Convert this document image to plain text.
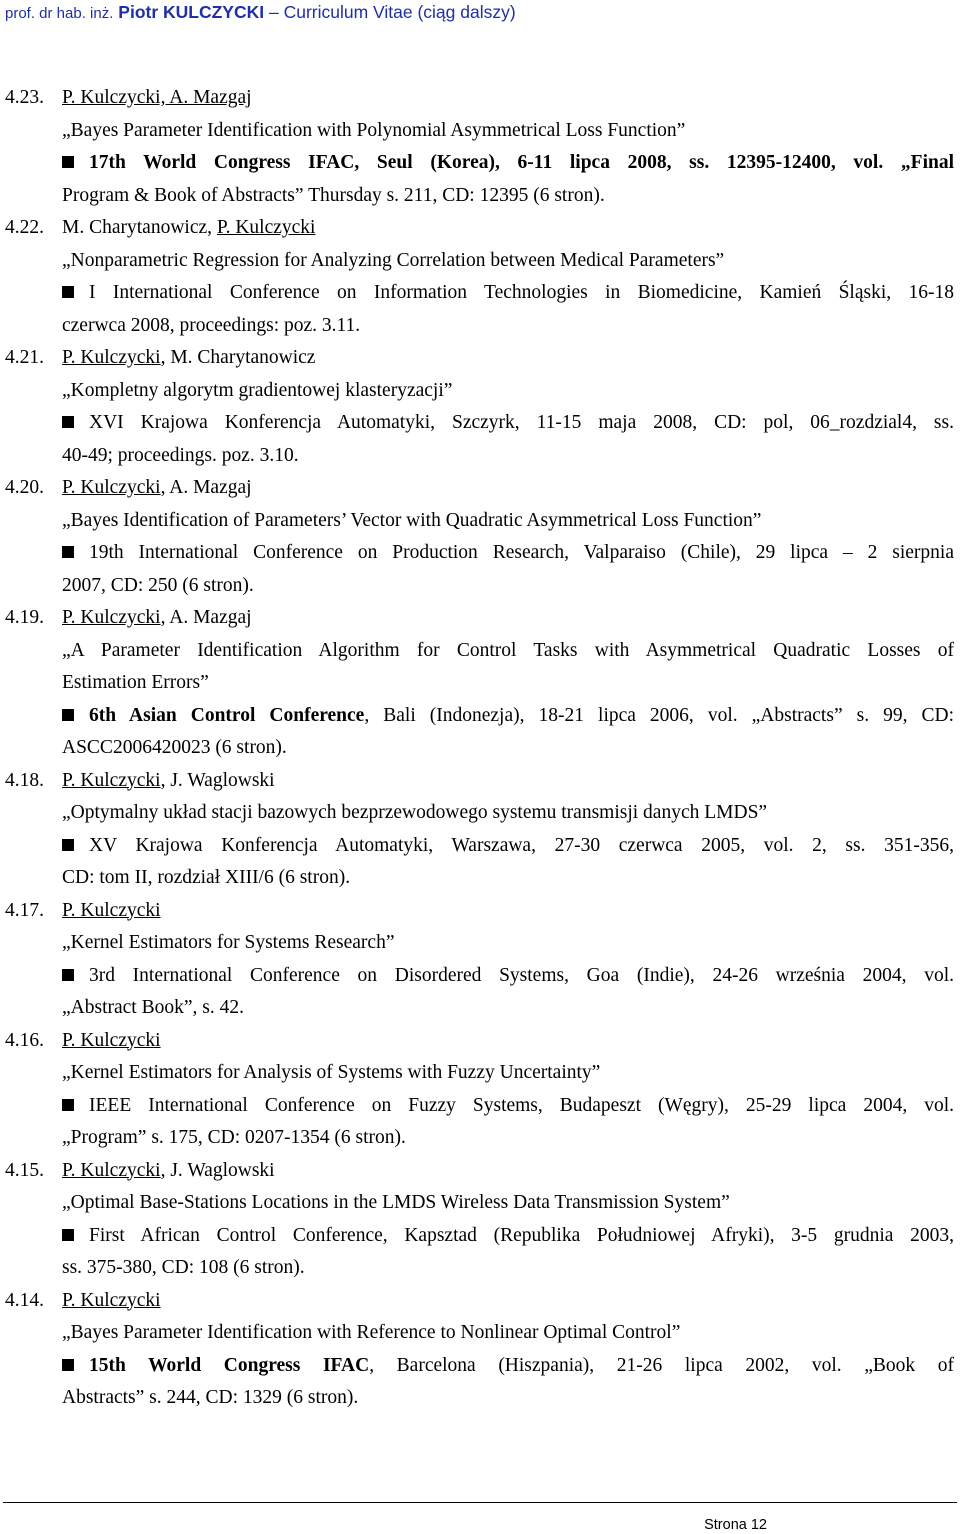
prof. dr hab. inż. Piotr KULCZYCKI – Curriculum Vitae (ciąg dalszy)
4.23. P. Kulczycki, A. Mazgaj
„Bayes Parameter Identification with Polynomial Asymmetrical Loss Function”
17th World Congress IFAC, Seul (Korea), 6-11 lipca 2008, ss. 12395-12400, vol. „Final
Program & Book of Abstracts” Thursday s. 211, CD: 12395 (6 stron).
4.22. M. Charytanowicz, P. Kulczycki
„Nonparametric Regression for Analyzing Correlation between Medical Parameters”
I International Conference on Information Technologies in Biomedicine, Kamień Śląski, 16-18
czerwca 2008, proceedings: poz. 3.11.
4.21. P. Kulczycki, M. Charytanowicz
„Kompletny algorytm gradientowej klasteryzacji”
XVI Krajowa Konferencja Automatyki, Szczyrk, 11-15 maja 2008, CD: pol, 06_rozdzial4, ss.
40-49; proceedings. poz. 3.10.
4.20. P. Kulczycki, A. Mazgaj
„Bayes Identification of Parameters’ Vector with Quadratic Asymmetrical Loss Function”
19th International Conference on Production Research, Valparaiso (Chile), 29 lipca – 2 sierpnia
2007, CD: 250 (6 stron).
4.19. P. Kulczycki, A. Mazgaj
„A Parameter Identification Algorithm for Control Tasks with Asymmetrical Quadratic Losses of
Estimation Errors”
6th Asian Control Conference, Bali (Indonezja), 18-21 lipca 2006, vol. „Abstracts” s. 99, CD:
ASCC2006420023 (6 stron).
4.18. P. Kulczycki, J. Waglowski
„Optymalny układ stacji bazowych bezprzewodowego systemu transmisji danych LMDS”
XV Krajowa Konferencja Automatyki, Warszawa, 27-30 czerwca 2005, vol. 2, ss. 351-356,
CD: tom II, rozdział XIII/6 (6 stron).
4.17. P. Kulczycki
„Kernel Estimators for Systems Research”
3rd International Conference on Disordered Systems, Goa (Indie), 24-26 września 2004, vol.
„Abstract Book”, s. 42.
4.16. P. Kulczycki
„Kernel Estimators for Analysis of Systems with Fuzzy Uncertainty”
IEEE International Conference on Fuzzy Systems, Budapeszt (Węgry), 25-29 lipca 2004, vol.
„Program” s. 175, CD: 0207-1354 (6 stron).
4.15. P. Kulczycki, J. Waglowski
„Optimal Base-Stations Locations in the LMDS Wireless Data Transmission System”
First African Control Conference, Kapsztad (Republika Południowej Afryki), 3-5 grudnia 2003,
ss. 375-380, CD: 108 (6 stron).
4.14. P. Kulczycki
„Bayes Parameter Identification with Reference to Nonlinear Optimal Control”
15th World Congress IFAC, Barcelona (Hiszpania), 21-26 lipca 2002, vol. „Book of
Abstracts” s. 244, CD: 1329 (6 stron).
Strona 12
